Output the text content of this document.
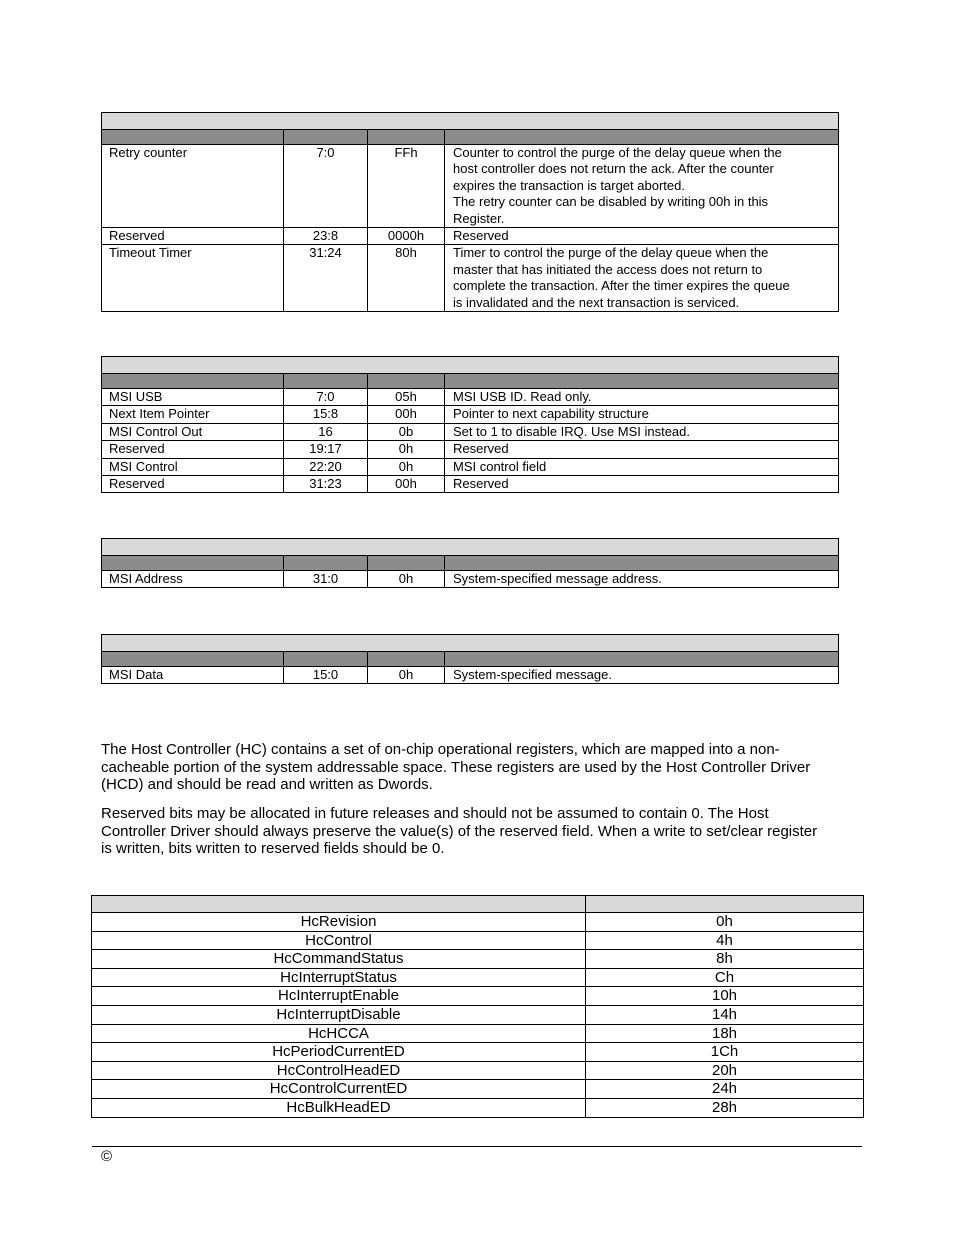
Retry counter	7:0	FFh	Counter to control the purge of the delay queue when the
host controller does not return the ack. After the counter
expires the transaction is target aborted.
The retry counter can be disabled by writing 00h in this
Register.

Reserved	23:8	0000h	Reserved

Timeout Timer	31:24	80h	Timer to control the purge of the delay queue when the
master that has initiated the access does not return to
complete the transaction. After the timer expires the queue
is invalidated and the next transaction is serviced.

MSI USB	7:0	05h	MSI USB ID. Read only.
Next Item Pointer	15:8	00h	Pointer to next capability structure
MSI Control Out	16	0b	Set to 1 to disable IRQ. Use MSI instead.
Reserved	19:17	0h	Reserved
MSI Control	22:20	0h	MSI control field
Reserved	31:23	00h	Reserved

MSI Address	31:0	0h	System-specified message address.

MSI Data	15:0	0h	System-specified message.

The Host Controller (HC) contains a set of on-chip operational registers, which are mapped into a non-
cacheable portion of the system addressable space. These registers are used by the Host Controller Driver
(HCD) and should be read and written as Dwords.

Reserved bits may be allocated in future releases and should not be assumed to contain 0. The Host
Controller Driver should always preserve the value(s) of the reserved field. When a write to set/clear register
is written, bits written to reserved fields should be 0.

HcRevision	0h
HcControl	4h
HcCommandStatus	8h
HcInterruptStatus	Ch
HcInterruptEnable	10h
HcInterruptDisable	14h
HcHCCA	18h
HcPeriodCurrentED	1Ch
HcControlHeadED	20h
HcControlCurrentED	24h
HcBulkHeadED	28h
©
